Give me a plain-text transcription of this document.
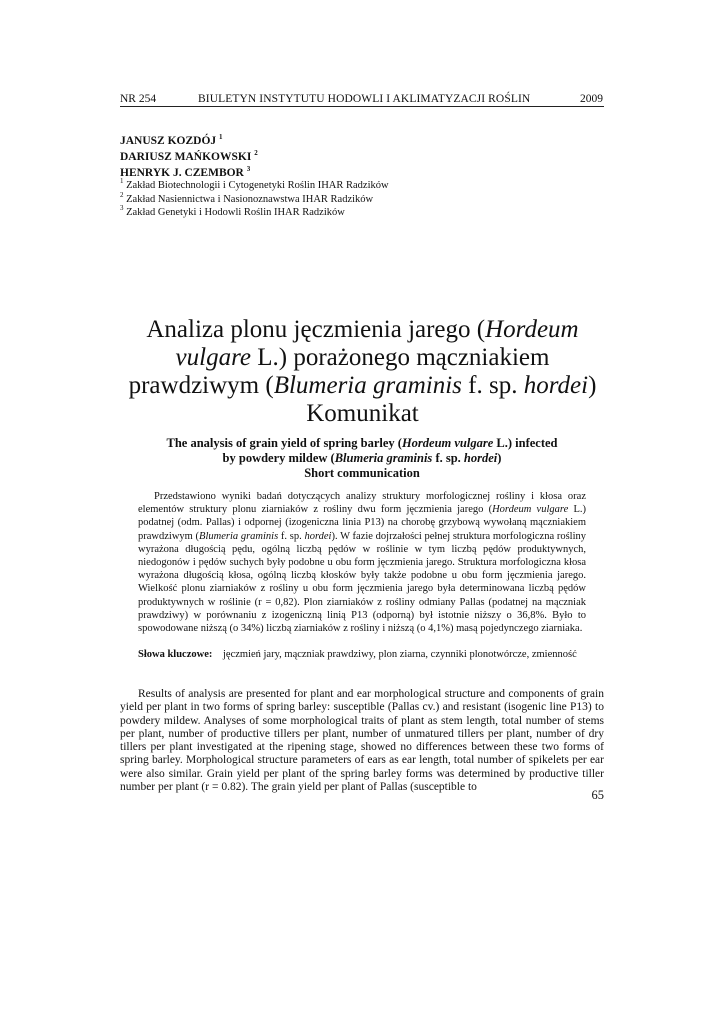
NR 254	BIULETYN INSTYTUTU HODOWLI I AKLIMATYZACJI ROŚLIN	2009
JANUSZ KOZDÓJ $^1$
DARIUSZ MAŃKOWSKI $^2$
HENRYK J. CZEMBOR $^3$
$^1$ Zakład Biotechnologii i Cytogenetyki Roślin IHAR Radzików
$^2$ Zakład Nasiennictwa i Nasionoznawstwa IHAR Radzików
$^3$ Zakład Genetyki i Hodowli Roślin IHAR Radzików
Analiza plonu jęczmienia jarego (Hordeum
vulgare L.) porażonego mączniakiem
prawdziwym (Blumeria graminis f. sp. hordei)
Komunikat
The analysis of grain yield of spring barley (Hordeum vulgare L.) infected
by powdery mildew (Blumeria graminis f. sp. hordei)
Short communication

Przedstawiono wyniki badań dotyczących analizy struktury morfologicznej rośliny i kłosa oraz elementów struktury plonu ziarniaków z rośliny dwu form jęczmienia jarego (Hordeum vulgare L.) podatnej (odm. Pallas) i odpornej (izogeniczna linia P13) na chorobę grzybową wywołaną mączniakiem prawdziwym (Blumeria graminis f. sp. hordei). W fazie dojrzałości pełnej struktura morfologiczna rośliny wyrażona długością pędu, ogólną liczbą pędów w roślinie w tym liczbą pędów produktywnych, niedogonów i pędów suchych były podobne u obu form jęczmienia jarego. Struktura morfologiczna kłosa wyrażona długością kłosa, ogólną liczbą kłosków były także podobne u obu form jęczmienia jarego. Wielkość plonu ziarniaków z rośliny u obu form jęczmienia jarego była determinowana liczbą pędów produktywnych w roślinie (r = 0,82). Plon ziarniaków z rośliny odmiany Pallas (podatnej na mączniak prawdziwy) w porównaniu z izogeniczną linią P13 (odporną) był istotnie niższy o 36,8%. Było to spowodowane niższą (o 34%) liczbą ziarniaków z rośliny i niższą (o 4,1%) masą pojedynczego ziarniaka.

Słowa kluczowe: jęczmień jary, mączniak prawdziwy, plon ziarna, czynniki plonotwórcze, zmienność

Results of analysis are presented for plant and ear morphological structure and components of grain yield per plant in two forms of spring barley: susceptible (Pallas cv.) and resistant (isogenic line P13) to powdery mildew. Analyses of some morphological traits of plant as stem length, total number of stems per plant, number of productive tillers per plant, number of unmatured tillers per plant, number of dry tillers per plant investigated at the ripening stage, showed no differences between these two forms of spring barley. Morphological structure parameters of ears as ear length, total number of spikelets per ear were also similar. Grain yield per plant of the spring barley forms was determined by productive tiller number per plant (r = 0.82). The grain yield per plant of Pallas (susceptible to

65
